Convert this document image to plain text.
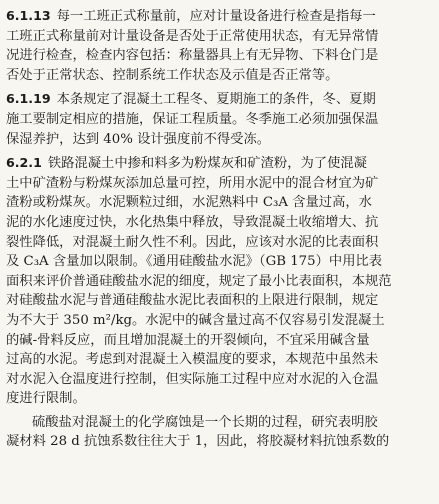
6.1.13 每一工班正式称量前，应对计量设备进行检查是指每一
工班正式称量前对计量设备是否处于正常使用状态，有无异常情
况进行检查，检查内容包括：称量器具上有无异物、下料仓门是
否处于正常状态、控制系统工作状态及示值是否正常等。
6.1.19 本条规定了混凝土工程冬、夏期施工的条件，冬、夏期
施工要制定相应的措施，保证工程质量。冬季施工必须加强保温
保湿养护，达到 40% 设计强度前不得受冻。
6.2.1 铁路混凝土中掺和料多为粉煤灰和矿渣粉，为了使混凝
土中矿渣粉与粉煤灰添加总量可控，所用水泥中的混合材宜为矿
渣粉或粉煤灰。水泥颗粒过细，水泥熟料中 C₃A 含量过高，水
泥的水化速度过快，水化热集中释放，导致混凝土收缩增大、抗
裂性降低，对混凝土耐久性不利。因此，应该对水泥的比表面积
及 C₃A 含量加以限制。《通用硅酸盐水泥》（GB 175）中用比表
面积来评价普通硅酸盐水泥的细度，规定了最小比表面积，本规范
对硅酸盐水泥与普通硅酸盐水泥比表面积的上限进行限制，规定
为不大于 350 m²/kg。水泥中的碱含量过高不仅容易引发混凝土
的碱-骨料反应，而且增加混凝土的开裂倾向，不宜采用碱含量
过高的水泥。考虑到对混凝土入模温度的要求，本规范中虽然未
对水泥入仓温度进行控制，但实际施工过程中应对水泥的入仓温
度进行限制。
硫酸盐对混凝土的化学腐蚀是一个长期的过程，研究表明胶
凝材料 28 d 抗蚀系数往往大于 1，因此，将胶凝材料抗蚀系数的
